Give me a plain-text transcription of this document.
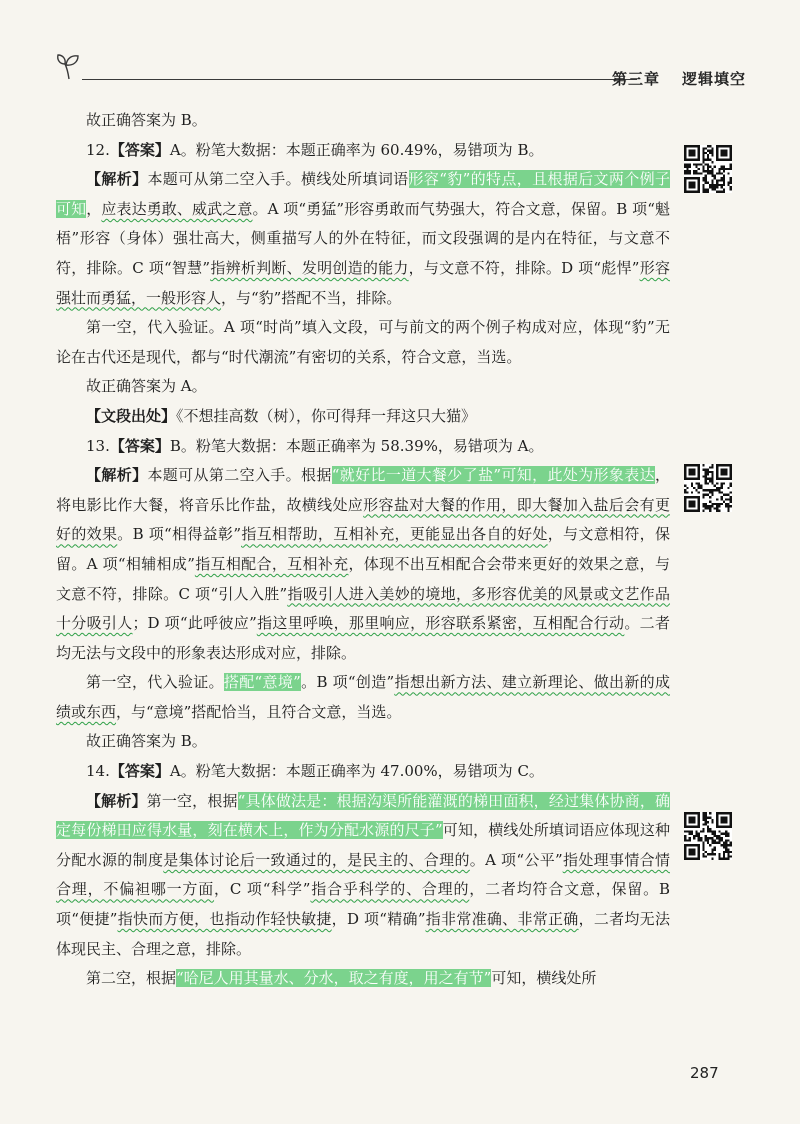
第三章 逻辑填空

故正确答案为 B。

12.【答案】A。粉笔大数据：本题正确率为 60.49%，易错项为 B。

【解析】本题可从第二空入手。横线处所填词语形容“豹”的特点，且根据后文两个例子可知，应表达勇敢、威武之意。A 项“勇猛”形容勇敢而气势强大，符合文意，保留。B 项“魁梧”形容（身体）强壮高大，侧重描写人的外在特征，而文段强调的是内在特征，与文意不符，排除。C 项“智慧”指辨析判断、发明创造的能力，与文意不符，排除。D 项“彪悍”形容强壮而勇猛，一般形容人，与“豹”搭配不当，排除。

第一空，代入验证。A 项“时尚”填入文段，可与前文的两个例子构成对应，体现“豹”无论在古代还是现代，都与“时代潮流”有密切的关系，符合文意，当选。

故正确答案为 A。

【文段出处】《不想挂高数（树），你可得拜一拜这只大猫》

13.【答案】B。粉笔大数据：本题正确率为 58.39%，易错项为 A。

【解析】本题可从第二空入手。根据“就好比一道大餐少了盐”可知，此处为形象表达，将电影比作大餐，将音乐比作盐，故横线处应形容盐对大餐的作用，即大餐加入盐后会有更好的效果。B 项“相得益彰”指互相帮助，互相补充，更能显出各自的好处，与文意相符，保留。A 项“相辅相成”指互相配合，互相补充，体现不出互相配合会带来更好的效果之意，与文意不符，排除。C 项“引人入胜”指吸引人进入美妙的境地，多形容优美的风景或文艺作品十分吸引人；D 项“此呼彼应”指这里呼唤，那里响应，形容联系紧密，互相配合行动。二者均无法与文段中的形象表达形成对应，排除。

第一空，代入验证。搭配“意境”。B 项“创造”指想出新方法、建立新理论、做出新的成绩或东西，与“意境”搭配恰当，且符合文意，当选。

故正确答案为 B。

14.【答案】A。粉笔大数据：本题正确率为 47.00%，易错项为 C。

【解析】第一空，根据“具体做法是：根据沟渠所能灌溉的梯田面积，经过集体协商，确定每份梯田应得水量，刻在横木上，作为分配水源的尺子”可知，横线处所填词语应体现这种分配水源的制度是集体讨论后一致通过的，是民主的、合理的。A 项“公平”指处理事情合情合理，不偏袒哪一方面，C 项“科学”指合乎科学的、合理的，二者均符合文意，保留。B 项“便捷”指快而方便，也指动作轻快敏捷，D 项“精确”指非常准确、非常正确，二者均无法体现民主、合理之意，排除。

第二空，根据“哈尼人用其量水、分水，取之有度，用之有节”可知，横线处所

287
